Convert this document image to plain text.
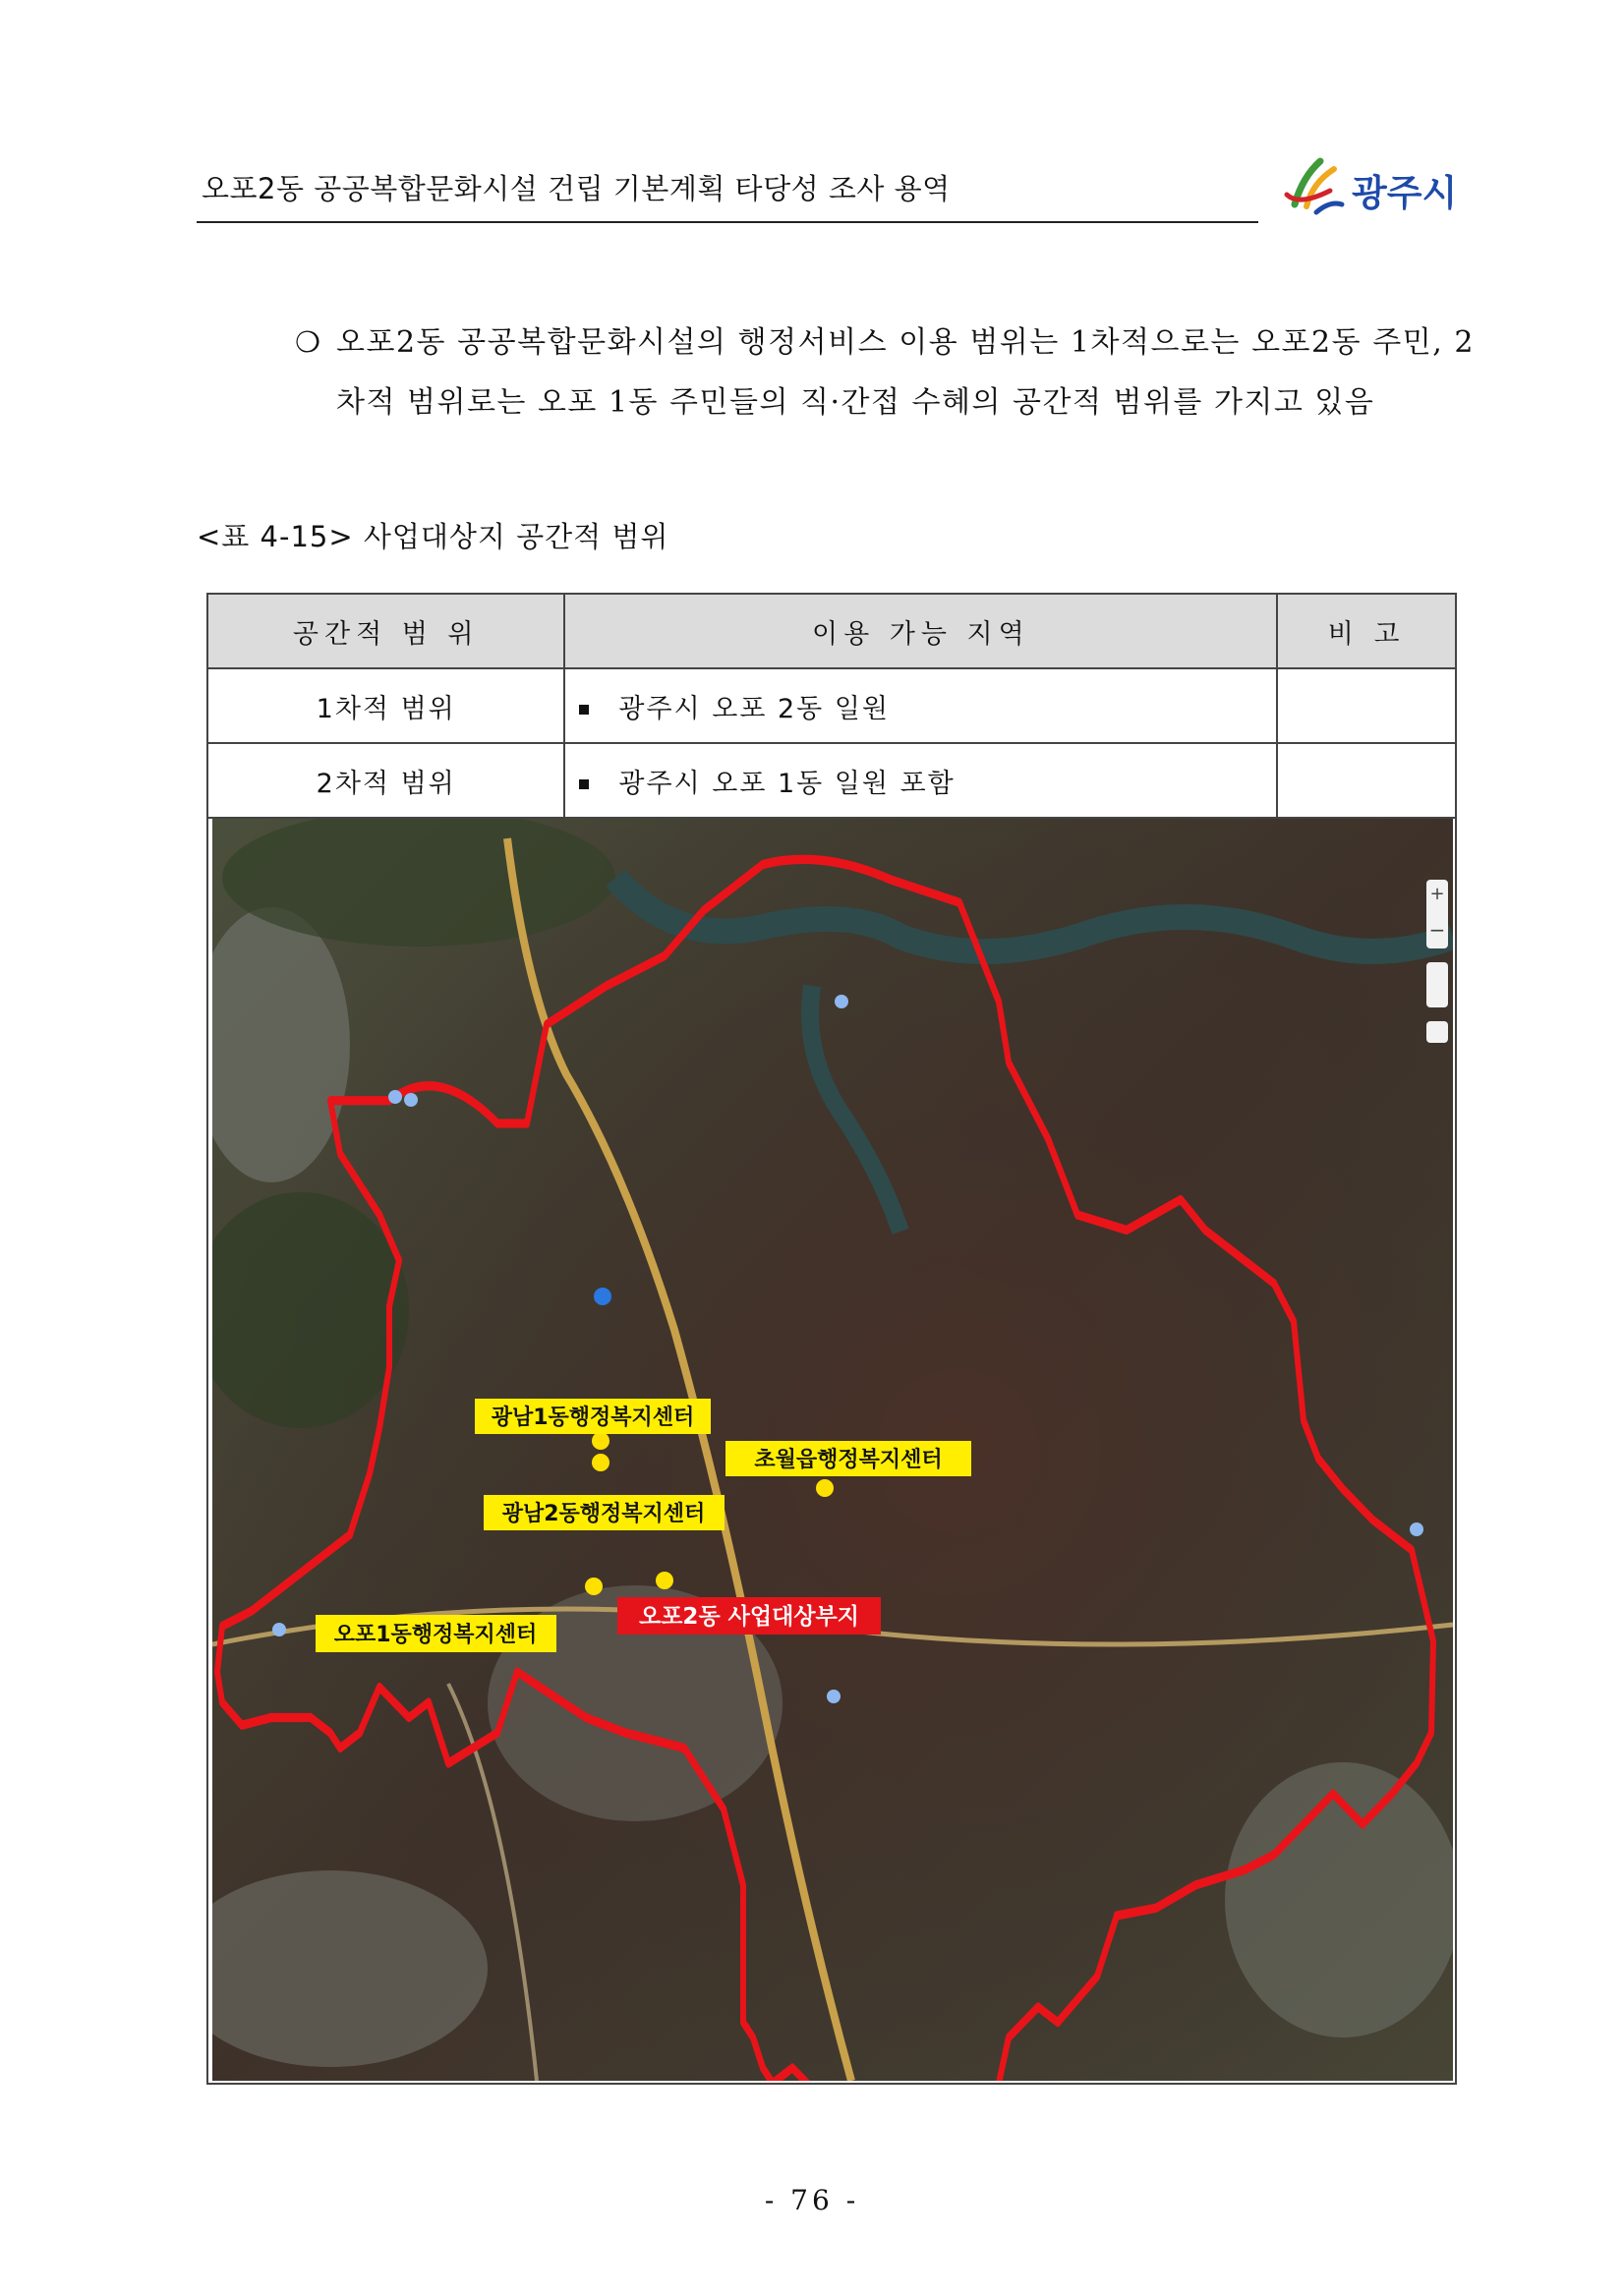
오포2동 공공복합문화시설 건립 기본계획 타당성 조사 용역	광주시
❍ 오포2동 공공복합문화시설의 행정서비스 이용 범위는 1차적으로는 오포2동 주민, 2차적 범위로는 오포 1동 주민들의 직·간접 수혜의 공간적 범위를 가지고 있음
<표 4-15> 사업대상지 공간적 범위
공간적 범 위	이용 가능 지역	비 고
1차적 범위	광주시 오포 2동 일원	
2차적 범위	광주시 오포 1동 일원 포함	
+
−
광남1동행정복지센터
초월읍행정복지센터
광남2동행정복지센터
오포2동 사업대상부지
오포1동행정복지센터
- 76 -
